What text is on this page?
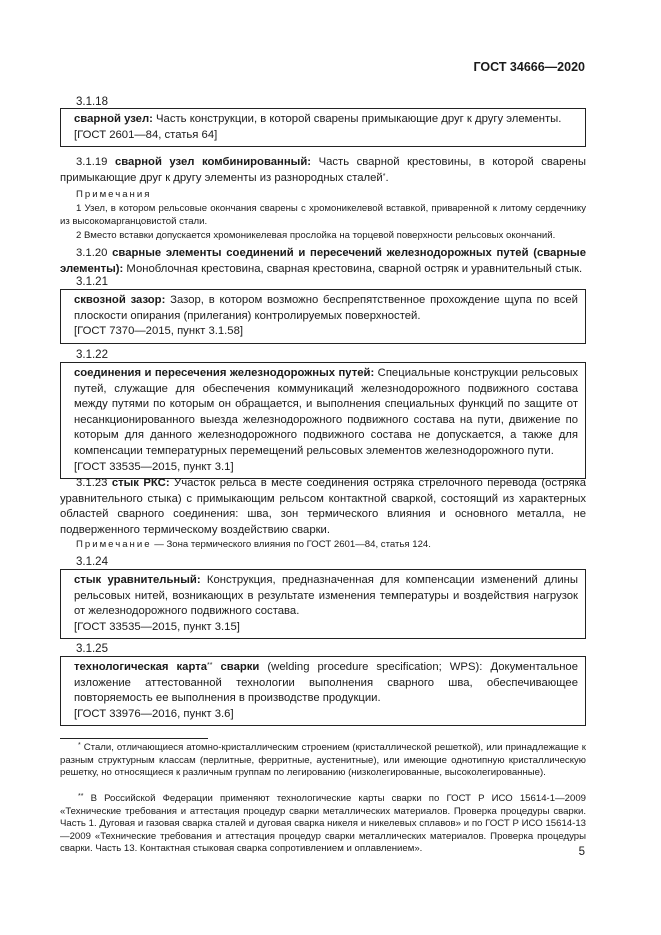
ГОСТ 34666—2020
3.1.18
сварной узел: Часть конструкции, в которой сварены примыкающие друг к другу элементы.
[ГОСТ 2601—84, статья 64]
3.1.19 сварной узел комбинированный: Часть сварной крестовины, в которой сварены примыкающие друг к другу элементы из разнородных сталей*.
Примечания
1 Узел, в котором рельсовые окончания сварены с хромоникелевой вставкой, приваренной к литому сердечнику из высокомарганцовистой стали.
2 Вместо вставки допускается хромоникелевая прослойка на торцевой поверхности рельсовых окончаний.
3.1.20 сварные элементы соединений и пересечений железнодорожных путей (сварные элементы): Моноблочная крестовина, сварная крестовина, сварной остряк и уравнительный стык.
3.1.21
сквозной зазор: Зазор, в котором возможно беспрепятственное прохождение щупа по всей плоскости опирания (прилегания) контролируемых поверхностей.
[ГОСТ 7370—2015, пункт 3.1.58]
3.1.22
соединения и пересечения железнодорожных путей: Специальные конструкции рельсовых путей, служащие для обеспечения коммуникаций железнодорожного подвижного состава между путями по которым он обращается, и выполнения специальных функций по защите от несанкционированного выезда железнодорожного подвижного состава на пути, движение по которым для данного железнодорожного подвижного состава не допускается, а также для компенсации температурных перемещений рельсовых элементов железнодорожного пути.
[ГОСТ 33535—2015, пункт 3.1]
3.1.23 стык РКС: Участок рельса в месте соединения остряка стрелочного перевода (остряка уравнительного стыка) с примыкающим рельсом контактной сваркой, состоящий из характерных областей сварного соединения: шва, зон термического влияния и основного металла, не подверженного термическому воздействию сварки.
Примечание — Зона термического влияния по ГОСТ 2601—84, статья 124.
3.1.24
стык уравнительный: Конструкция, предназначенная для компенсации изменений длины рельсовых нитей, возникающих в результате изменения температуры и воздействия нагрузок от железнодорожного подвижного состава.
[ГОСТ 33535—2015, пункт 3.15]
3.1.25
технологическая карта** сварки (welding procedure specification; WPS): Документальное изложение аттестованной технологии выполнения сварного шва, обеспечивающее повторяемость ее выполнения в производстве продукции.
[ГОСТ 33976—2016, пункт 3.6]
* Стали, отличающиеся атомно-кристаллическим строением (кристаллической решеткой), или принадлежащие к разным структурным классам (перлитные, ферритные, аустенитные), или имеющие однотипную кристаллическую решетку, но относящиеся к различным группам по легированию (низколегированные, высоколегированные).
** В Российской Федерации применяют технологические карты сварки по ГОСТ Р ИСО 15614-1—2009 «Технические требования и аттестация процедур сварки металлических материалов. Проверка процедуры сварки. Часть 1. Дуговая и газовая сварка сталей и дуговая сварка никеля и никелевых сплавов» и по ГОСТ Р ИСО 15614-13—2009 «Технические требования и аттестация процедур сварки металлических материалов. Проверка процедуры сварки. Часть 13. Контактная стыковая сварка сопротивлением и оплавлением».	5
